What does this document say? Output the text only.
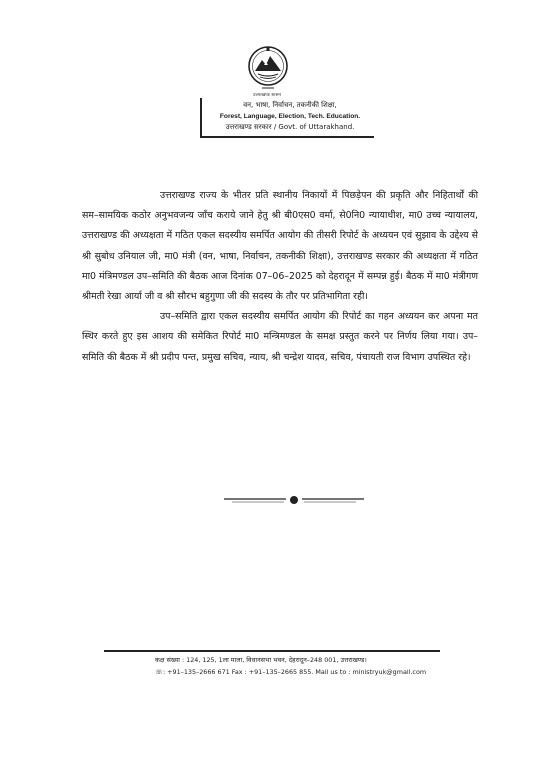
उत्तराखण्ड शासन
वन, भाषा, निर्वाचन, तकनीकी शिक्षा,
Forest, Language, Election, Tech. Education.
उत्तराखण्ड सरकार / Govt. of Uttarakhand.

उत्तराखण्ड राज्य के भीतर प्रति स्थानीय निकायों में पिछड़ेपन की प्रकृति और निहितार्थों की सम–सामयिक कठोर अनुभवजन्य जाँच कराये जाने हेतु श्री बी0एस0 वर्मा, से0नि0 न्यायाधीश, मा0 उच्च न्यायालय, उत्तराखण्ड की अध्यक्षता में गठित एकल सदस्यीय समर्पित आयोग की तीसरी रिपोर्ट के अध्ययन एवं सुझाव के उद्देश्य से श्री सुबोध उनियाल जी, मा0 मंत्री (वन, भाषा, निर्वाचन, तकनीकी शिक्षा), उत्तराखण्ड सरकार की अध्यक्षता में गठित मा0 मंत्रिमण्डल उप–समिति की बैठक आज दिनांक 07–06–2025 को देहरादून में सम्पन्न हुई। बैठक में मा0 मंत्रीगण श्रीमती रेखा आर्या जी व श्री सौरभ बहुगुणा जी की सदस्य के तौर पर प्रतिभागिता रही।

उप–समिति द्वारा एकल सदस्यीय समर्पित आयोग की रिपोर्ट का गहन अध्ययन कर अपना मत स्थिर करते हुए इस आशय की समेकित रिपोर्ट मा0 मन्त्रिमण्डल के समक्ष प्रस्तुत करने पर निर्णय लिया गया। उप–समिति की बैठक में श्री प्रदीप पन्त, प्रमुख सचिव, न्याय, श्री चन्द्रेश यादव, सचिव, पंचायती राज विभाग उपस्थित रहे।

कक्ष संख्या : 124, 125, 1ला माला, विधानसभा भवन, देहरादून–248 001, उत्तराखण्ड।
☏: +91–135–2666 671 Fax : +91–135–2665 855. Mail us to : ministryuk@gmail.com
